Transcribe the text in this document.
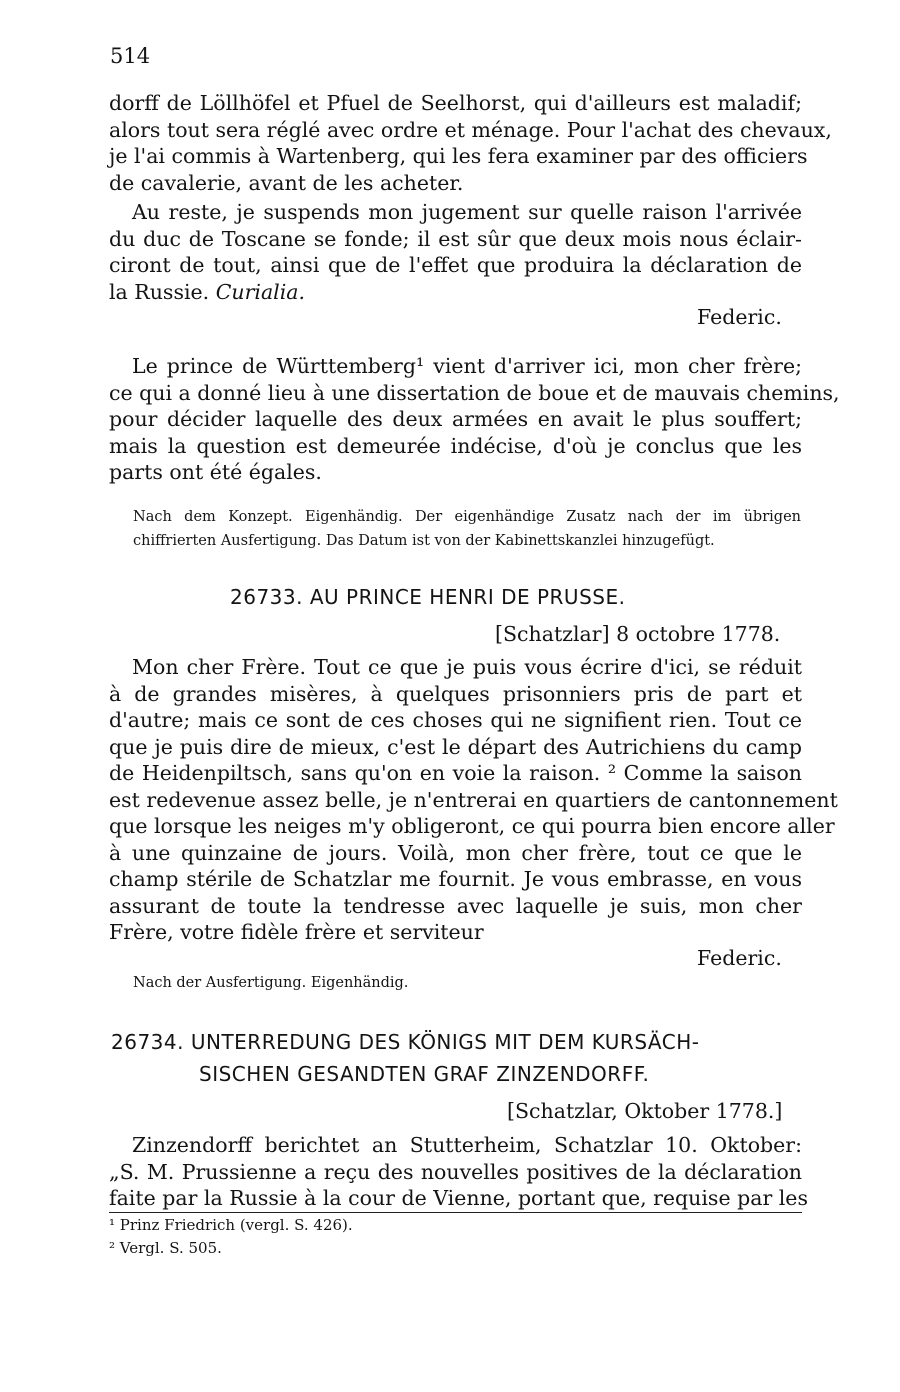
514
dorff de Löllhöfel et Pfuel de Seelhorst, qui d'ailleurs est maladif;
alors tout sera réglé avec ordre et ménage. Pour l'achat des chevaux,
je l'ai commis à Wartenberg, qui les fera examiner par des officiers
de cavalerie, avant de les acheter.
Au reste, je suspends mon jugement sur quelle raison l'arrivée
du duc de Toscane se fonde; il est sûr que deux mois nous éclair-
ciront de tout, ainsi que de l'effet que produira la déclaration de
la Russie. Curialia.
Federic.
Le prince de Württemberg¹ vient d'arriver ici, mon cher frère;
ce qui a donné lieu à une dissertation de boue et de mauvais chemins,
pour décider laquelle des deux armées en avait le plus souffert;
mais la question est demeurée indécise, d'où je conclus que les
parts ont été égales.
Nach dem Konzept. Eigenhändig. Der eigenhändige Zusatz nach der im übrigen
chiffrierten Ausfertigung. Das Datum ist von der Kabinettskanzlei hinzugefügt.
26733. AU PRINCE HENRI DE PRUSSE.
[Schatzlar] 8 octobre 1778.
Mon cher Frère. Tout ce que je puis vous écrire d'ici, se réduit
à de grandes misères, à quelques prisonniers pris de part et
d'autre; mais ce sont de ces choses qui ne signifient rien. Tout ce
que je puis dire de mieux, c'est le départ des Autrichiens du camp
de Heidenpiltsch, sans qu'on en voie la raison. ² Comme la saison
est redevenue assez belle, je n'entrerai en quartiers de cantonnement
que lorsque les neiges m'y obligeront, ce qui pourra bien encore aller
à une quinzaine de jours. Voilà, mon cher frère, tout ce que le
champ stérile de Schatzlar me fournit. Je vous embrasse, en vous
assurant de toute la tendresse avec laquelle je suis, mon cher
Frère, votre fidèle frère et serviteur
Federic.
Nach der Ausfertigung. Eigenhändig.
26734. UNTERREDUNG DES KÖNIGS MIT DEM KURSÄCH-
SISCHEN GESANDTEN GRAF ZINZENDORFF.
[Schatzlar, Oktober 1778.]
Zinzendorff berichtet an Stutterheim, Schatzlar 10. Oktober:
„S. M. Prussienne a reçu des nouvelles positives de la déclaration
faite par la Russie à la cour de Vienne, portant que, requise par les
¹ Prinz Friedrich (vergl. S. 426).
² Vergl. S. 505.
